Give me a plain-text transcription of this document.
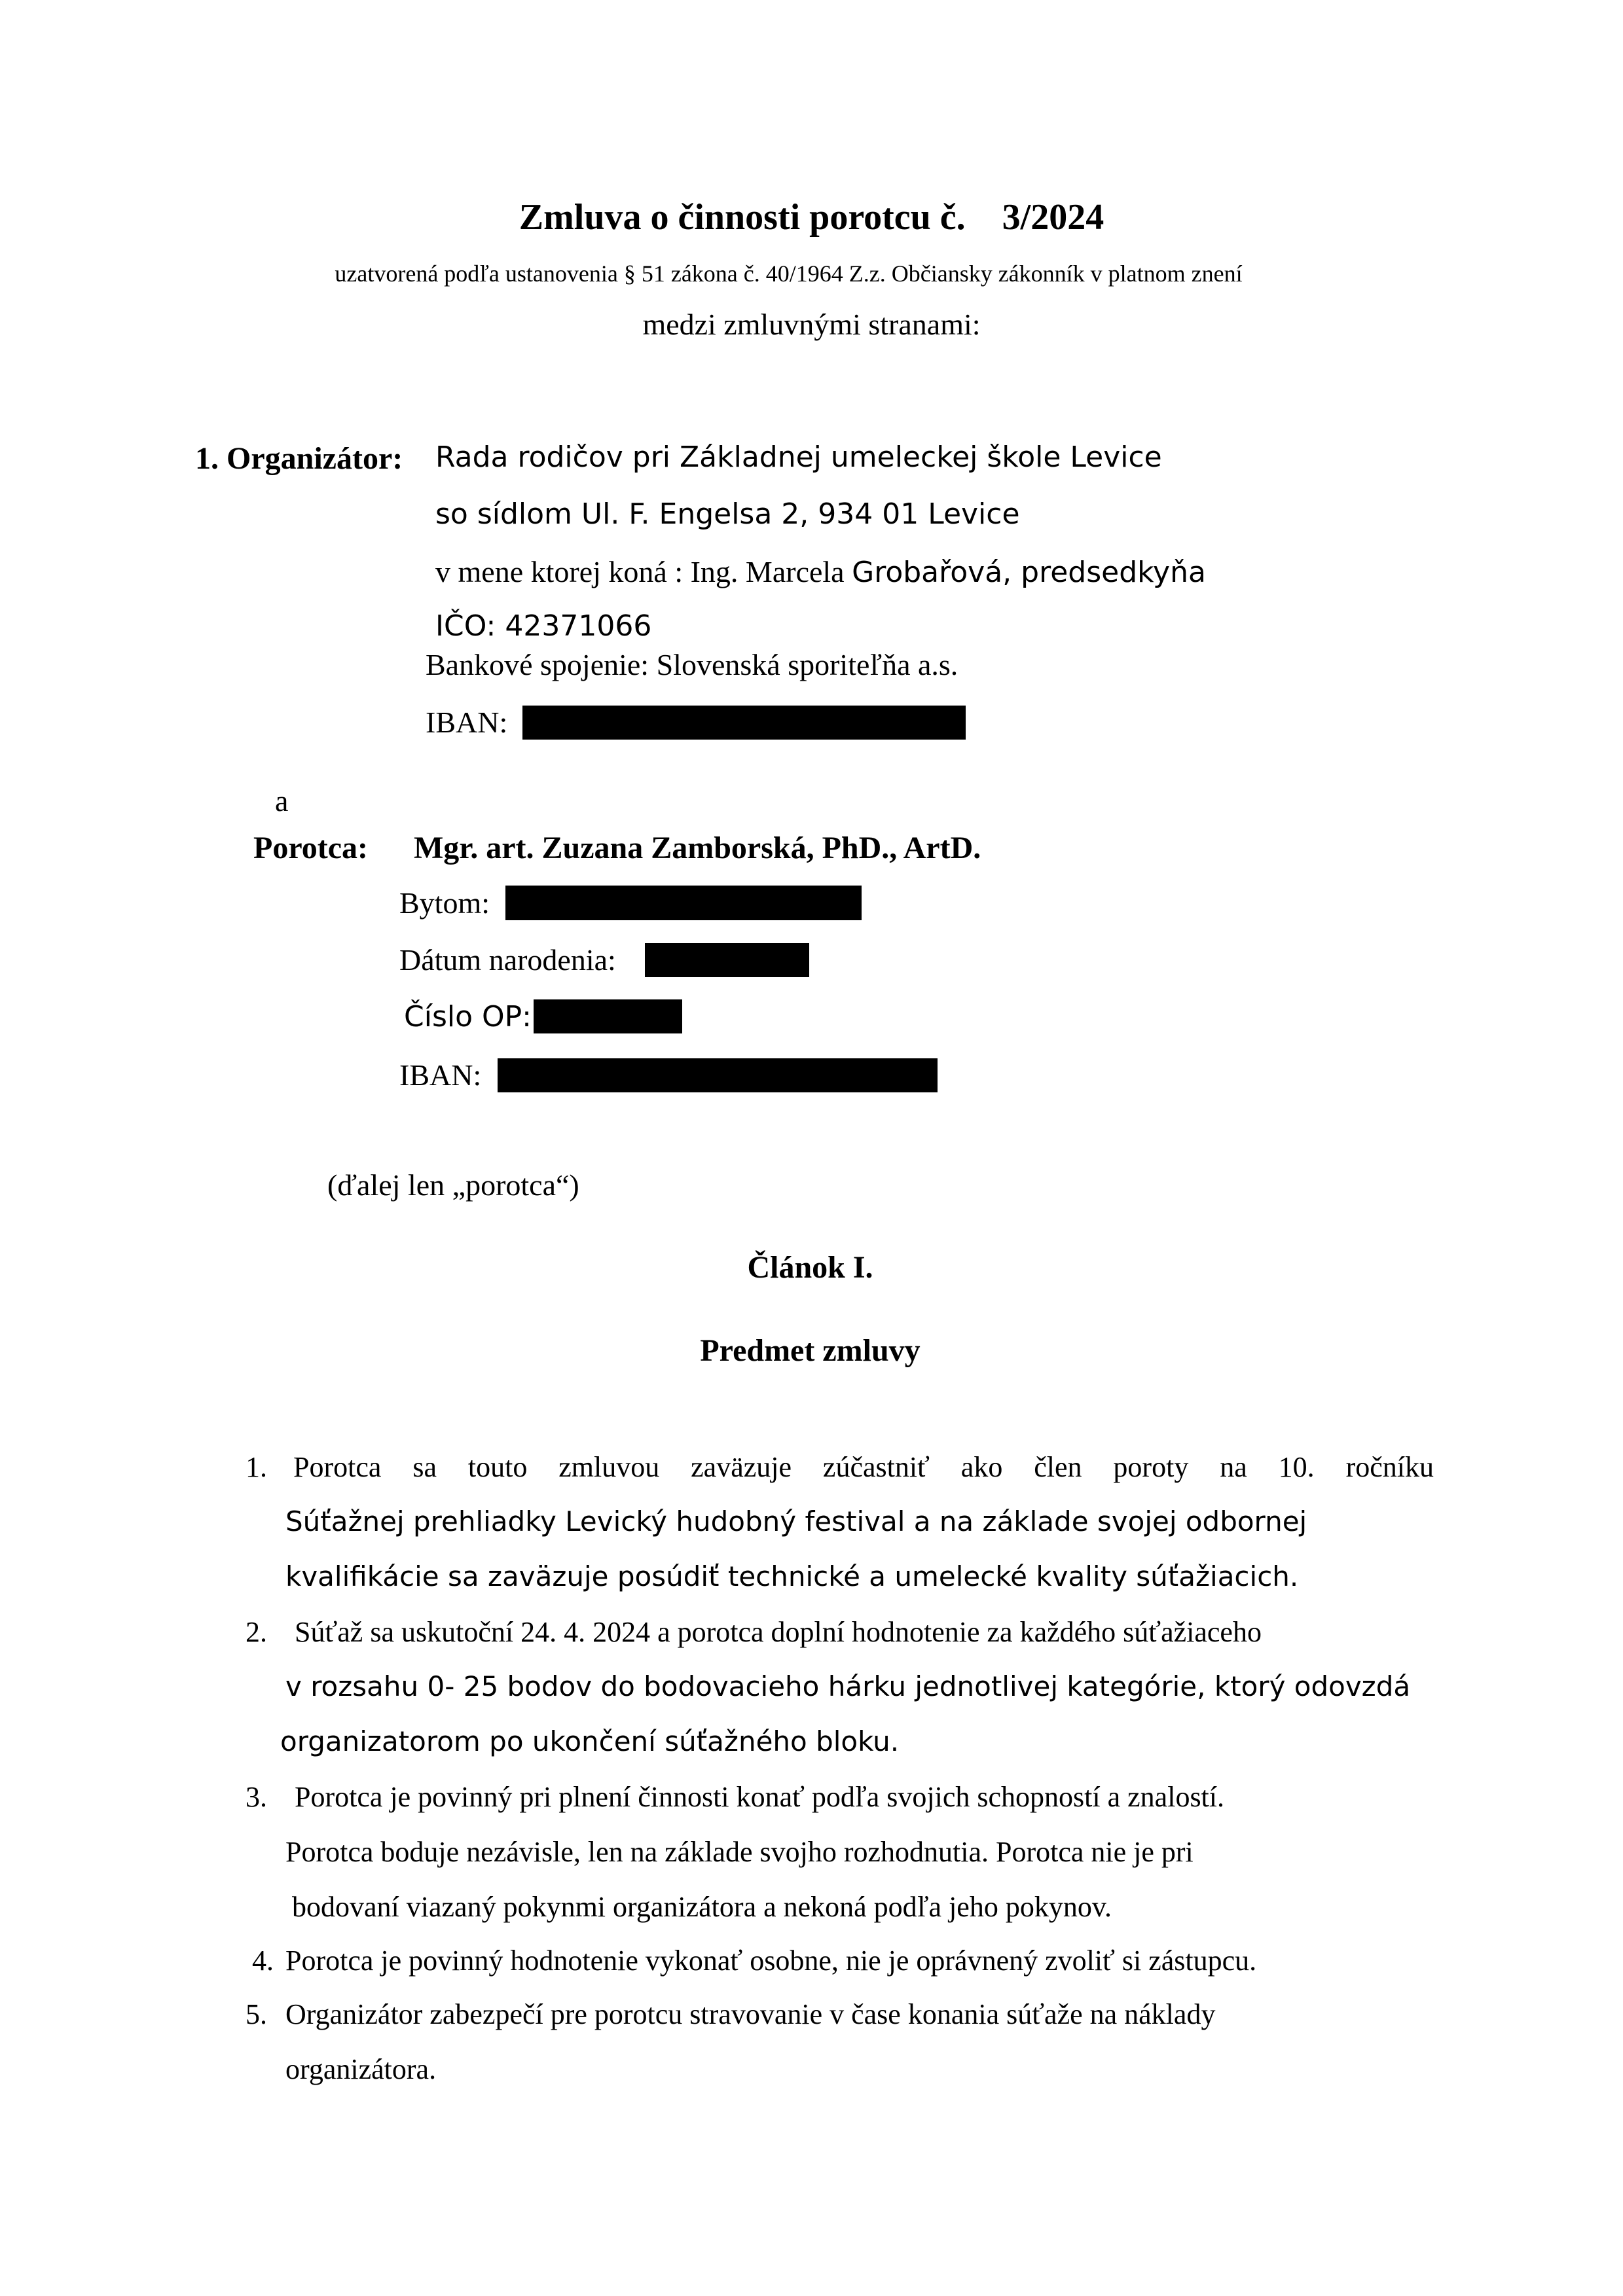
Zmluva o činnosti porotcu č. 3/2024
uzatvorená podľa ustanovenia § 51 zákona č. 40/1964 Z.z. Občiansky zákonník v platnom znení
medzi zmluvnými stranami:
1. Organizátor: Rada rodičov pri Základnej umeleckej škole Levice
so sídlom Ul. F. Engelsa 2, 934 01 Levice
v mene ktorej koná : Ing. Marcela Grobařová, predsedkyňa
IČO: 42371066
Bankové spojenie: Slovenská sporiteľňa a.s.
IBAN:
a
Porotca: Mgr. art. Zuzana Zamborská, PhD., ArtD.
Bytom:
Dátum narodenia:
Číslo OP:
IBAN:
(ďalej len „porotca“)
Článok I.
Predmet zmluvy
1. Porotca sa touto zmluvou zaväzuje zúčastniť ako člen poroty na 10. ročníku
Súťažnej prehliadky Levický hudobný festival a na základe svojej odbornej
kvalifikácie sa zaväzuje posúdiť technické a umelecké kvality súťažiacich.
2. Súťaž sa uskutoční 24. 4. 2024 a porotca doplní hodnotenie za každého súťažiaceho
v rozsahu 0- 25 bodov do bodovacieho hárku jednotlivej kategórie, ktorý odovzdá
organizatorom po ukončení súťažného bloku.
3. Porotca je povinný pri plnení činnosti konať podľa svojich schopností a znalostí.
Porotca boduje nezávisle, len na základe svojho rozhodnutia. Porotca nie je pri
bodovaní viazaný pokynmi organizátora a nekoná podľa jeho pokynov.
4. Porotca je povinný hodnotenie vykonať osobne, nie je oprávnený zvoliť si zástupcu.
5. Organizátor zabezpečí pre porotcu stravovanie v čase konania súťaže na náklady
organizátora.
